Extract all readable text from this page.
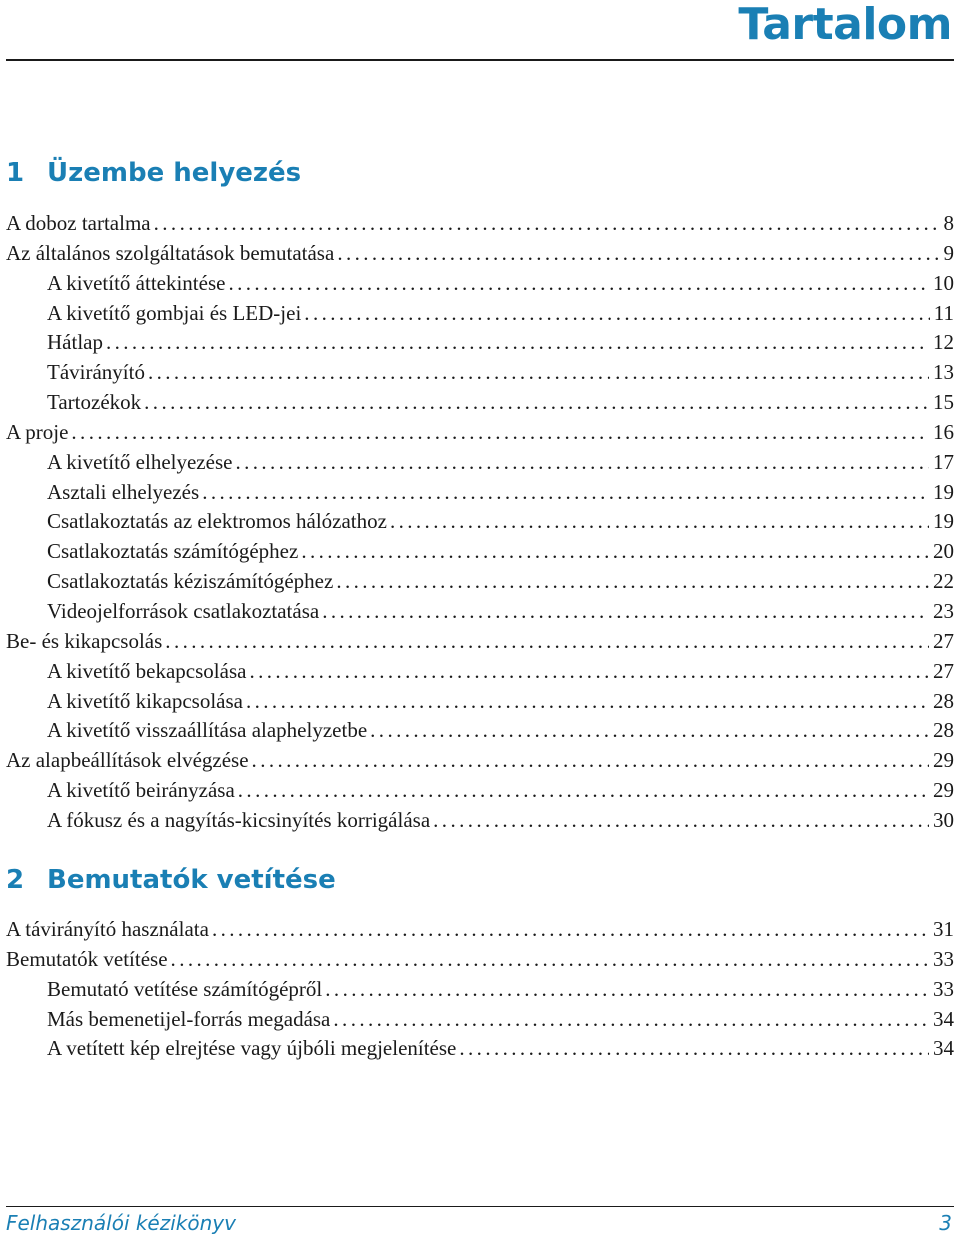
Tartalom
1 Üzembe helyezés
A doboz tartalma .....	8
Az általános szolgáltatások bemutatása .....	9
A kivetítő áttekintése .....	10
A kivetítő gombjai és LED-jei .....	11
Hátlap .....	12
Távirányító .....	13
Tartozékok .....	15
A proje .....	16
A kivetítő elhelyezése .....	17
Asztali elhelyezés .....	19
Csatlakoztatás az elektromos hálózathoz .....	19
Csatlakoztatás számítógéphez .....	20
Csatlakoztatás kéziszámítógéphez .....	22
Videojelforrások csatlakoztatása .....	23
Be- és kikapcsolás .....	27
A kivetítő bekapcsolása .....	27
A kivetítő kikapcsolása .....	28
A kivetítő visszaállítása alaphelyzetbe .....	28
Az alapbeállítások elvégzése .....	29
A kivetítő beirányzása .....	29
A fókusz és a nagyítás-kicsinyítés korrigálása .....	30
2 Bemutatók vetítése
A távirányító használata .....	31
Bemutatók vetítése .....	33
Bemutató vetítése számítógépről .....	33
Más bemenetijel-forrás megadása .....	34
A vetített kép elrejtése vagy újbóli megjelenítése .....	34
Felhasználói kézikönyv	3
